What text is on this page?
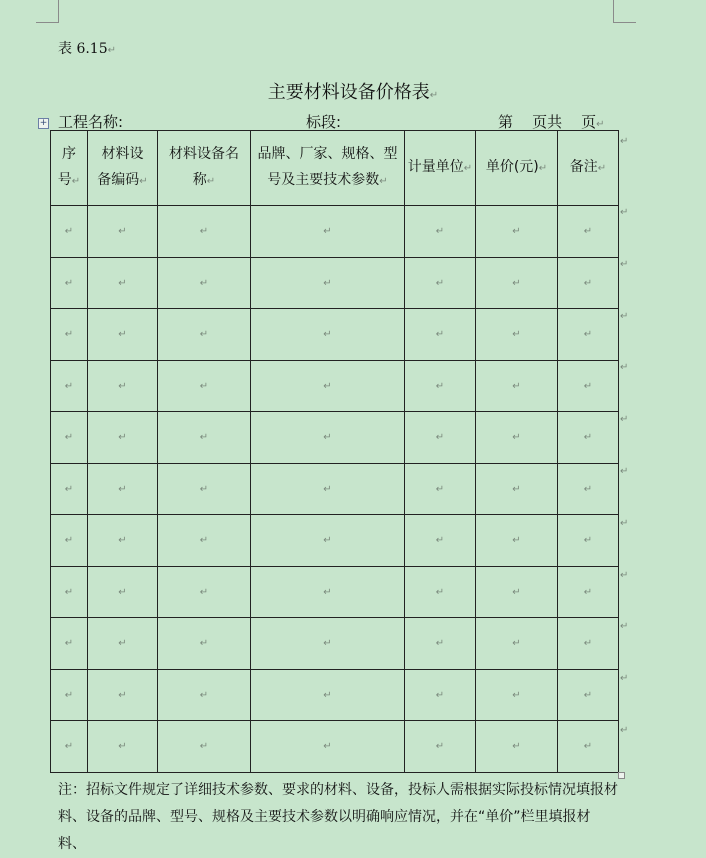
表 6.15↵
主要材料设备价格表↵
+ 工程名称:	标段:	第    页共    页↵
序
号↵	材料设
备编码↵	材料设备名
称↵	品牌、厂家、规格、型
号及主要技术参数↵	计量单位↵	单价(元)↵	备注↵
↵	↵	↵	↵	↵	↵	↵
↵	↵	↵	↵	↵	↵	↵
↵	↵	↵	↵	↵	↵	↵
↵	↵	↵	↵	↵	↵	↵
↵	↵	↵	↵	↵	↵	↵
↵	↵	↵	↵	↵	↵	↵
↵	↵	↵	↵	↵	↵	↵
↵	↵	↵	↵	↵	↵	↵
↵	↵	↵	↵	↵	↵	↵
↵	↵	↵	↵	↵	↵	↵
↵	↵	↵	↵	↵	↵	↵
↵
↵
↵
↵
↵
↵
↵
↵
↵
↵
↵
↵
注：招标文件规定了详细技术参数、要求的材料、设备，投标人需根据实际投标情况填报材料、设备的品牌、型号、规格及主要技术参数以明确响应情况，并在“单价”栏里填报材料、
